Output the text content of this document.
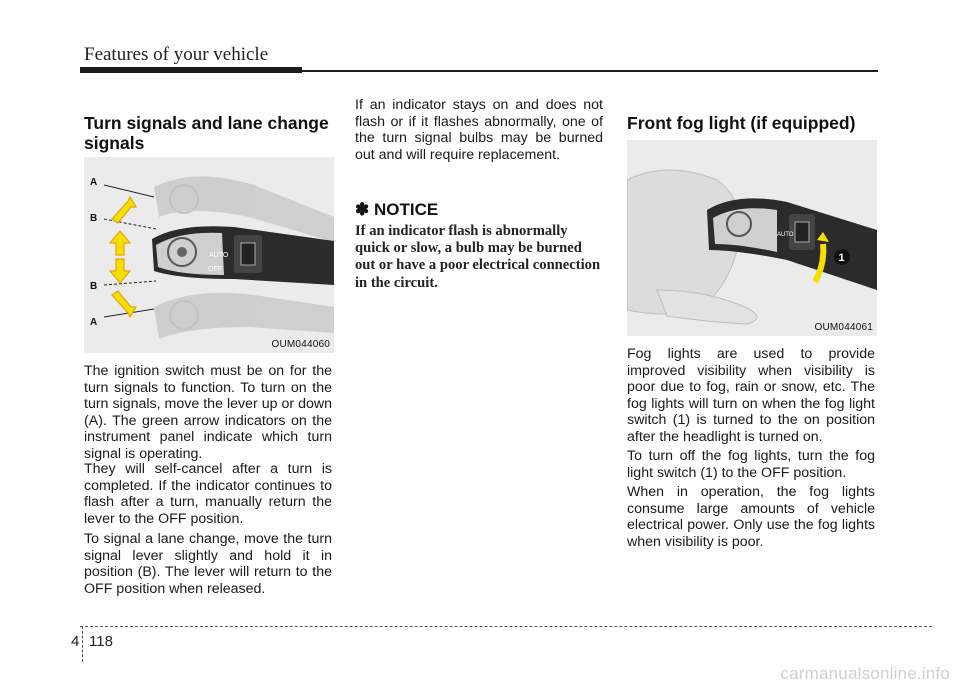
Features of your vehicle
Turn signals and lane change signals
AUTO
OFF
A
B
B
A
OUM044060

The ignition switch must be on for the turn signals to function. To turn on the turn signals, move the lever up or down (A). The green arrow indicators on the instrument panel indicate which turn signal is operating.

They will self-cancel after a turn is completed. If the indicator continues to flash after a turn, manually return the lever to the OFF position.

To signal a lane change, move the turn signal lever slightly and hold it in position (B). The lever will return to the OFF position when released.

If an indicator stays on and does not flash or if it flashes abnormally, one of the turn signal bulbs may be burned out and will require replacement.

✽ NOTICE

If an indicator flash is abnormally quick or slow, a bulb may be burned out or have a poor electrical connection in the circuit.

Front fog light (if equipped)
AUTO
1
OUM044061

Fog lights are used to provide improved visibility when visibility is poor due to fog, rain or snow, etc. The fog lights will turn on when the fog light switch (1) is turned to the on position after the headlight is turned on.

To turn off the fog lights, turn the fog light switch (1) to the OFF position.

When in operation, the fog lights consume large amounts of vehicle electrical power. Only use the fog lights when visibility is poor.

4 118
carmanualsonline.info
